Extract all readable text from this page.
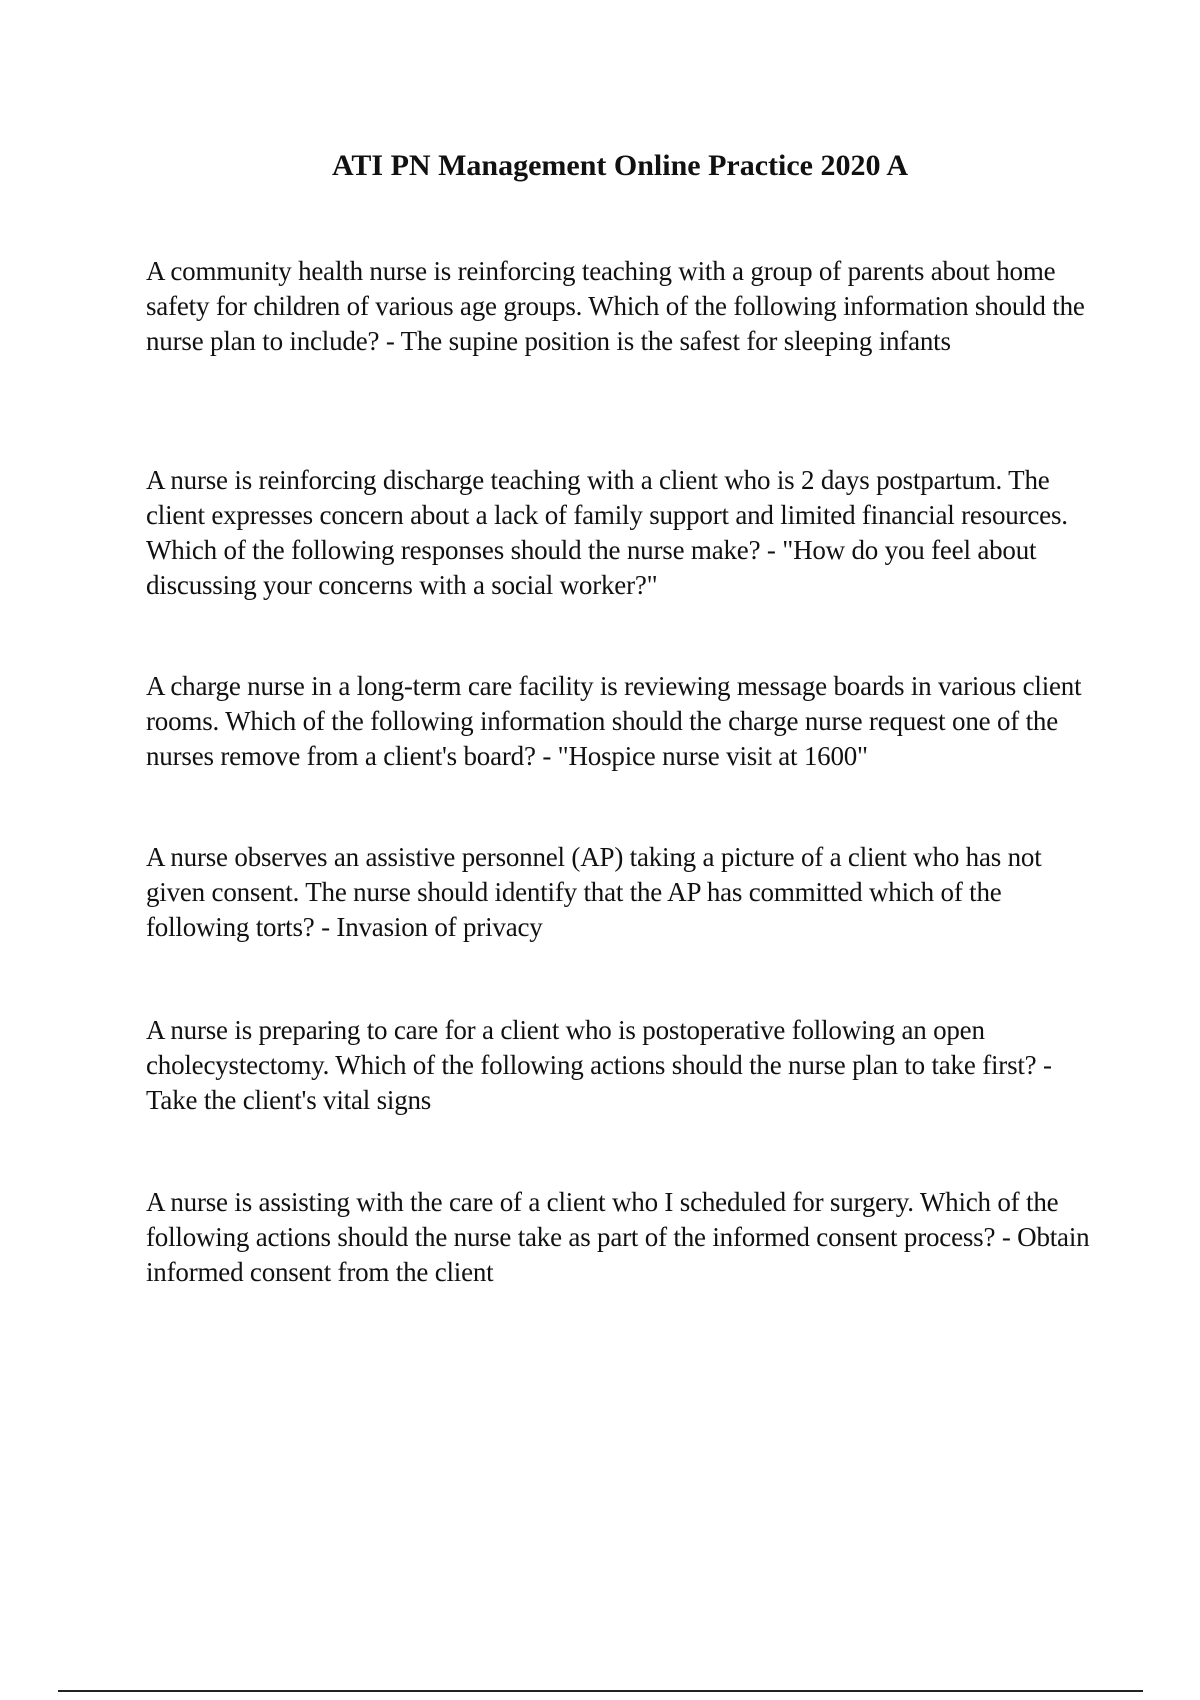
ATI PN Management Online Practice 2020 A

A community health nurse is reinforcing teaching with a group of parents about home safety for children of various age groups. Which of the following information should the nurse plan to include? - The supine position is the safest for sleeping infants

A nurse is reinforcing discharge teaching with a client who is 2 days postpartum. The client expresses concern about a lack of family support and limited financial resources. Which of the following responses should the nurse make? - "How do you feel about discussing your concerns with a social worker?"

A charge nurse in a long-term care facility is reviewing message boards in various client rooms. Which of the following information should the charge nurse request one of the nurses remove from a client's board? - "Hospice nurse visit at 1600"

A nurse observes an assistive personnel (AP) taking a picture of a client who has not given consent. The nurse should identify that the AP has committed which of the following torts? - Invasion of privacy

A nurse is preparing to care for a client who is postoperative following an open cholecystectomy. Which of the following actions should the nurse plan to take first? - Take the client's vital signs

A nurse is assisting with the care of a client who I scheduled for surgery. Which of the following actions should the nurse take as part of the informed consent process? - Obtain informed consent from the client
